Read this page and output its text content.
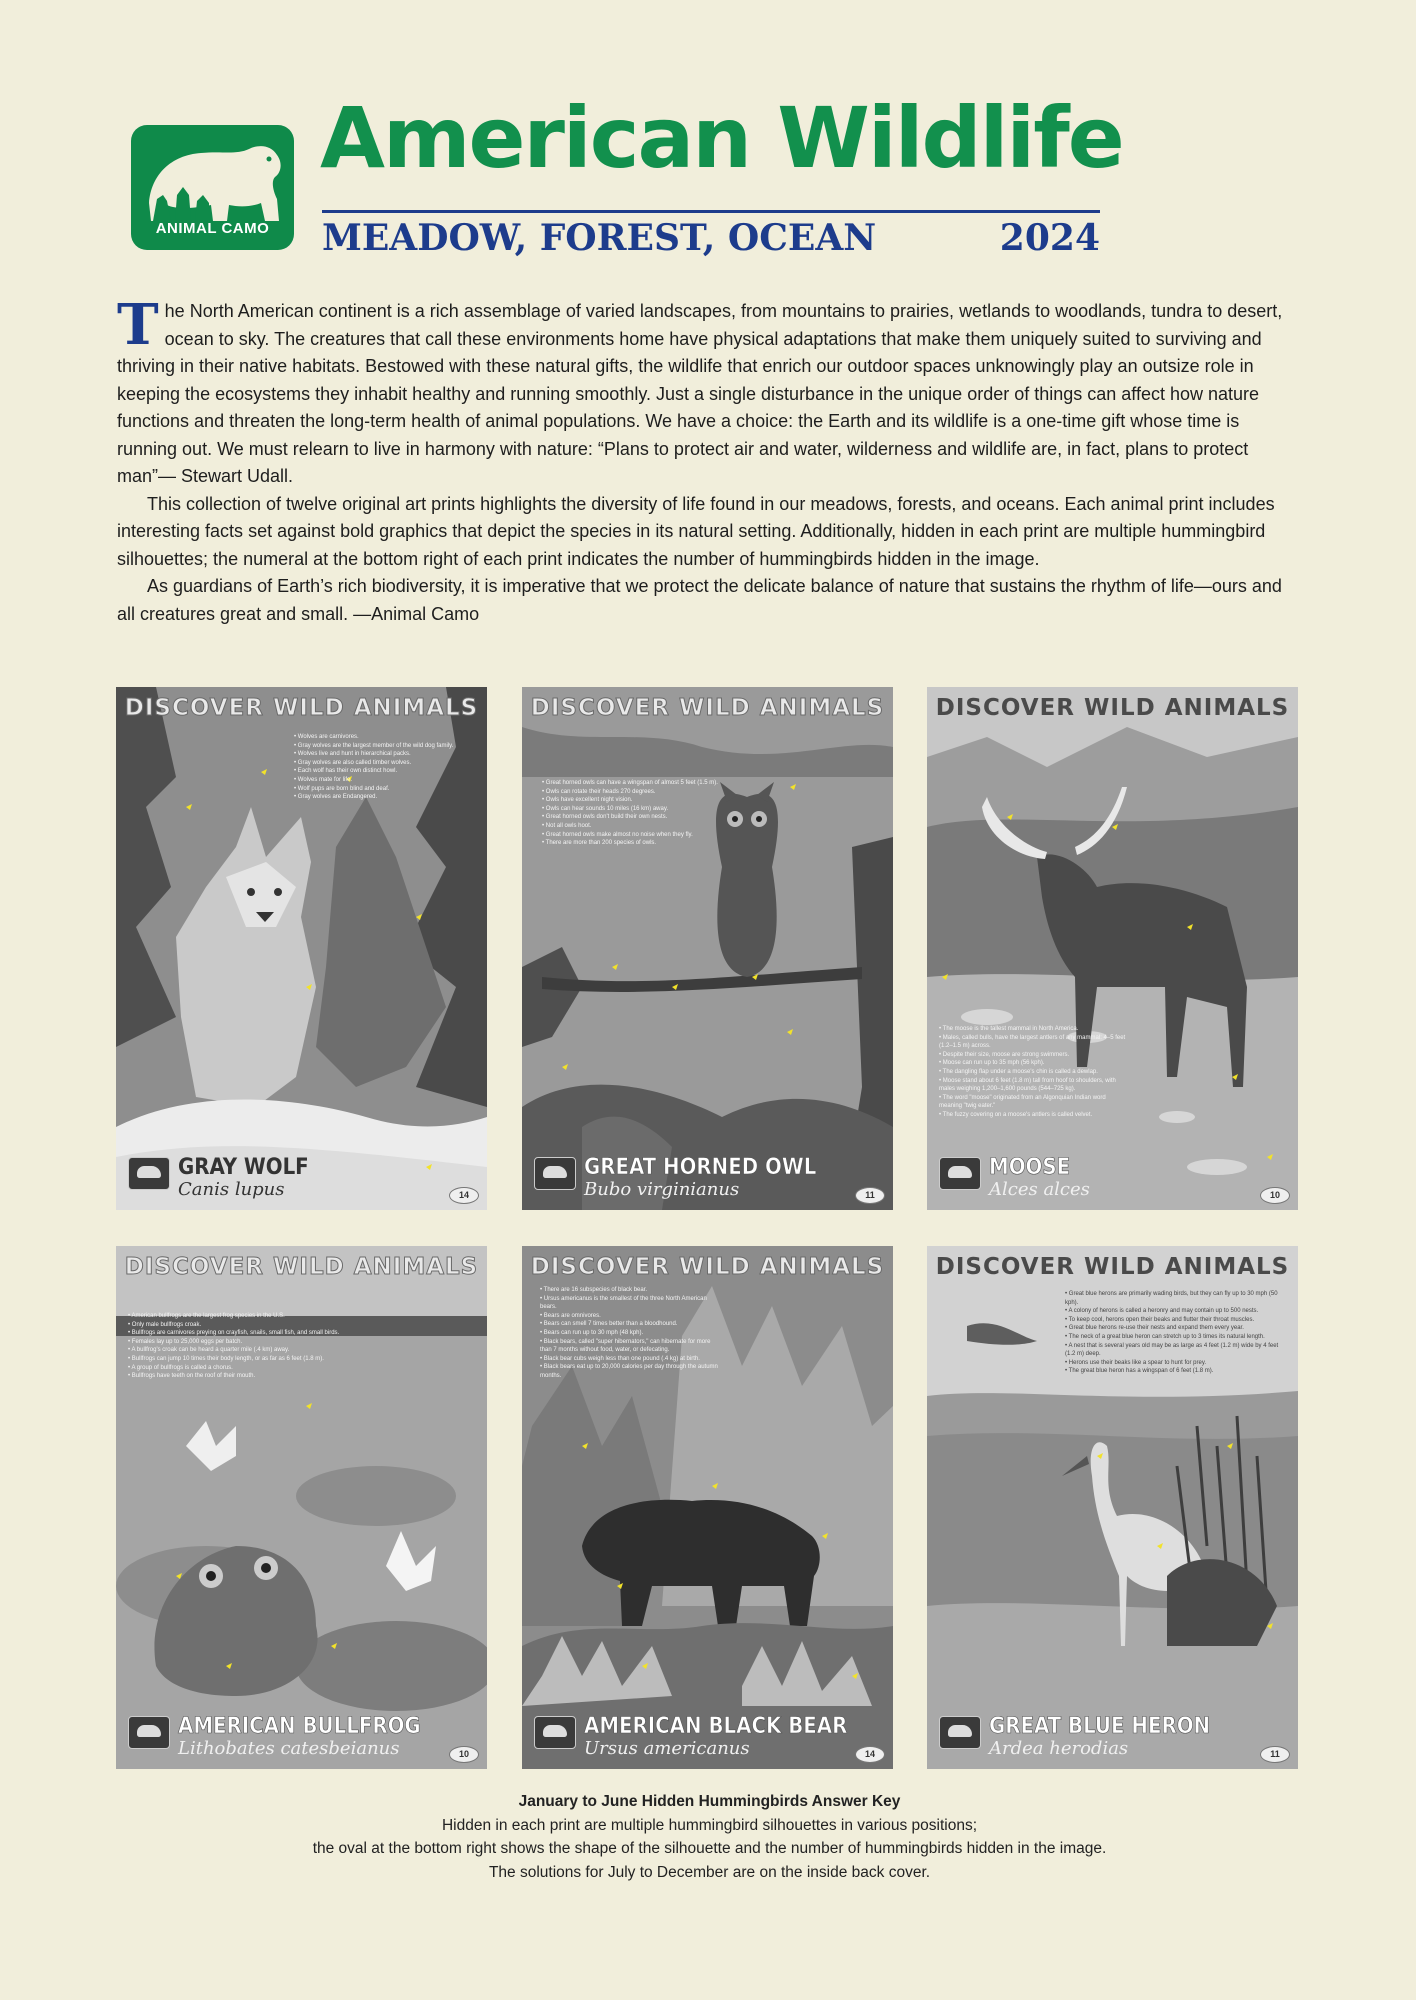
ANIMAL CAMO
American Wildlife
MEADOW, FOREST, OCEAN	2024

The North American continent is a rich assemblage of varied landscapes, from mountains to prairies, wetlands to woodlands, tundra to desert, ocean to sky. The creatures that call these environments home have physical adaptations that make them uniquely suited to surviving and thriving in their native habitats. Bestowed with these natural gifts, the wildlife that enrich our outdoor spaces unknowingly play an outsize role in keeping the ecosystems they inhabit healthy and running smoothly. Just a single disturbance in the unique order of things can affect how nature functions and threaten the long-term health of animal populations. We have a choice: the Earth and its wildlife is a one-time gift whose time is running out. We must relearn to live in harmony with nature: “Plans to protect air and water, wilderness and wildlife are, in fact, plans to protect man”— Stewart Udall.

This collection of twelve original art prints highlights the diversity of life found in our meadows, forests, and oceans. Each animal print includes interesting facts set against bold graphics that depict the species in its natural setting. Additionally, hidden in each print are multiple hummingbird silhouettes; the numeral at the bottom right of each print indicates the number of hummingbirds hidden in the image.

As guardians of Earth’s rich biodiversity, it is imperative that we protect the delicate balance of nature that sustains the rhythm of life—ours and all creatures great and small. —Animal Camo

DISCOVER WILD ANIMALS
• Wolves are carnivores.
• Gray wolves are the largest member of the wild dog family.
• Wolves live and hunt in hierarchical packs.
• Gray wolves are also called timber wolves.
• Each wolf has their own distinct howl.
• Wolves mate for life.
• Wolf pups are born blind and deaf.
• Gray wolves are Endangered.
GRAY WOLF
Canis lupus	14
DISCOVER WILD ANIMALS
• Great horned owls can have a wingspan of almost 5 feet (1.5 m).
• Owls can rotate their heads 270 degrees.
• Owls have excellent night vision.
• Owls can hear sounds 10 miles (16 km) away.
• Great horned owls don't build their own nests.
• Not all owls hoot.
• Great horned owls make almost no noise when they fly.
• There are more than 200 species of owls.
GREAT HORNED OWL
Bubo virginianus	11
DISCOVER WILD ANIMALS
• The moose is the tallest mammal in North America.
• Males, called bulls, have the largest antlers of any mammal: 4–5 feet (1.2–1.5 m) across.
• Despite their size, moose are strong swimmers.
• Moose can run up to 35 mph (56 kph).
• The dangling flap under a moose's chin is called a dewlap.
• Moose stand about 6 feet (1.8 m) tall from hoof to shoulders, with males weighing 1,200–1,600 pounds (544–725 kg).
• The word "moose" originated from an Algonquian Indian word meaning "twig eater."
• The fuzzy covering on a moose's antlers is called velvet.
MOOSE
Alces alces	10
DISCOVER WILD ANIMALS
• American bullfrogs are the largest frog species in the U.S.
• Only male bullfrogs croak.
• Bullfrogs are carnivores preying on crayfish, snails, small fish, and small birds.
• Females lay up to 25,000 eggs per batch.
• A bullfrog's croak can be heard a quarter mile (.4 km) away.
• Bullfrogs can jump 10 times their body length, or as far as 6 feet (1.8 m).
• A group of bullfrogs is called a chorus.
• Bullfrogs have teeth on the roof of their mouth.
AMERICAN BULLFROG
Lithobates catesbeianus	10
DISCOVER WILD ANIMALS
• There are 16 subspecies of black bear.
• Ursus americanus is the smallest of the three North American bears.
• Bears are omnivores.
• Bears can smell 7 times better than a bloodhound.
• Bears can run up to 30 mph (48 kph).
• Black bears, called "super hibernators," can hibernate for more than 7 months without food, water, or defecating.
• Black bear cubs weigh less than one pound (.4 kg) at birth.
• Black bears eat up to 20,000 calories per day through the autumn months.
AMERICAN BLACK BEAR
Ursus americanus	14
DISCOVER WILD ANIMALS
• Great blue herons are primarily wading birds, but they can fly up to 30 mph (50 kph).
• A colony of herons is called a heronry and may contain up to 500 nests.
• To keep cool, herons open their beaks and flutter their throat muscles.
• Great blue herons re-use their nests and expand them every year.
• The neck of a great blue heron can stretch up to 3 times its natural length.
• A nest that is several years old may be as large as 4 feet (1.2 m) wide by 4 feet (1.2 m) deep.
• Herons use their beaks like a spear to hunt for prey.
• The great blue heron has a wingspan of 6 feet (1.8 m).
GREAT BLUE HERON
Ardea herodias	11
January to June Hidden Hummingbirds Answer Key
Hidden in each print are multiple hummingbird silhouettes in various positions;
the oval at the bottom right shows the shape of the silhouette and the number of hummingbirds hidden in the image.
The solutions for July to December are on the inside back cover.
